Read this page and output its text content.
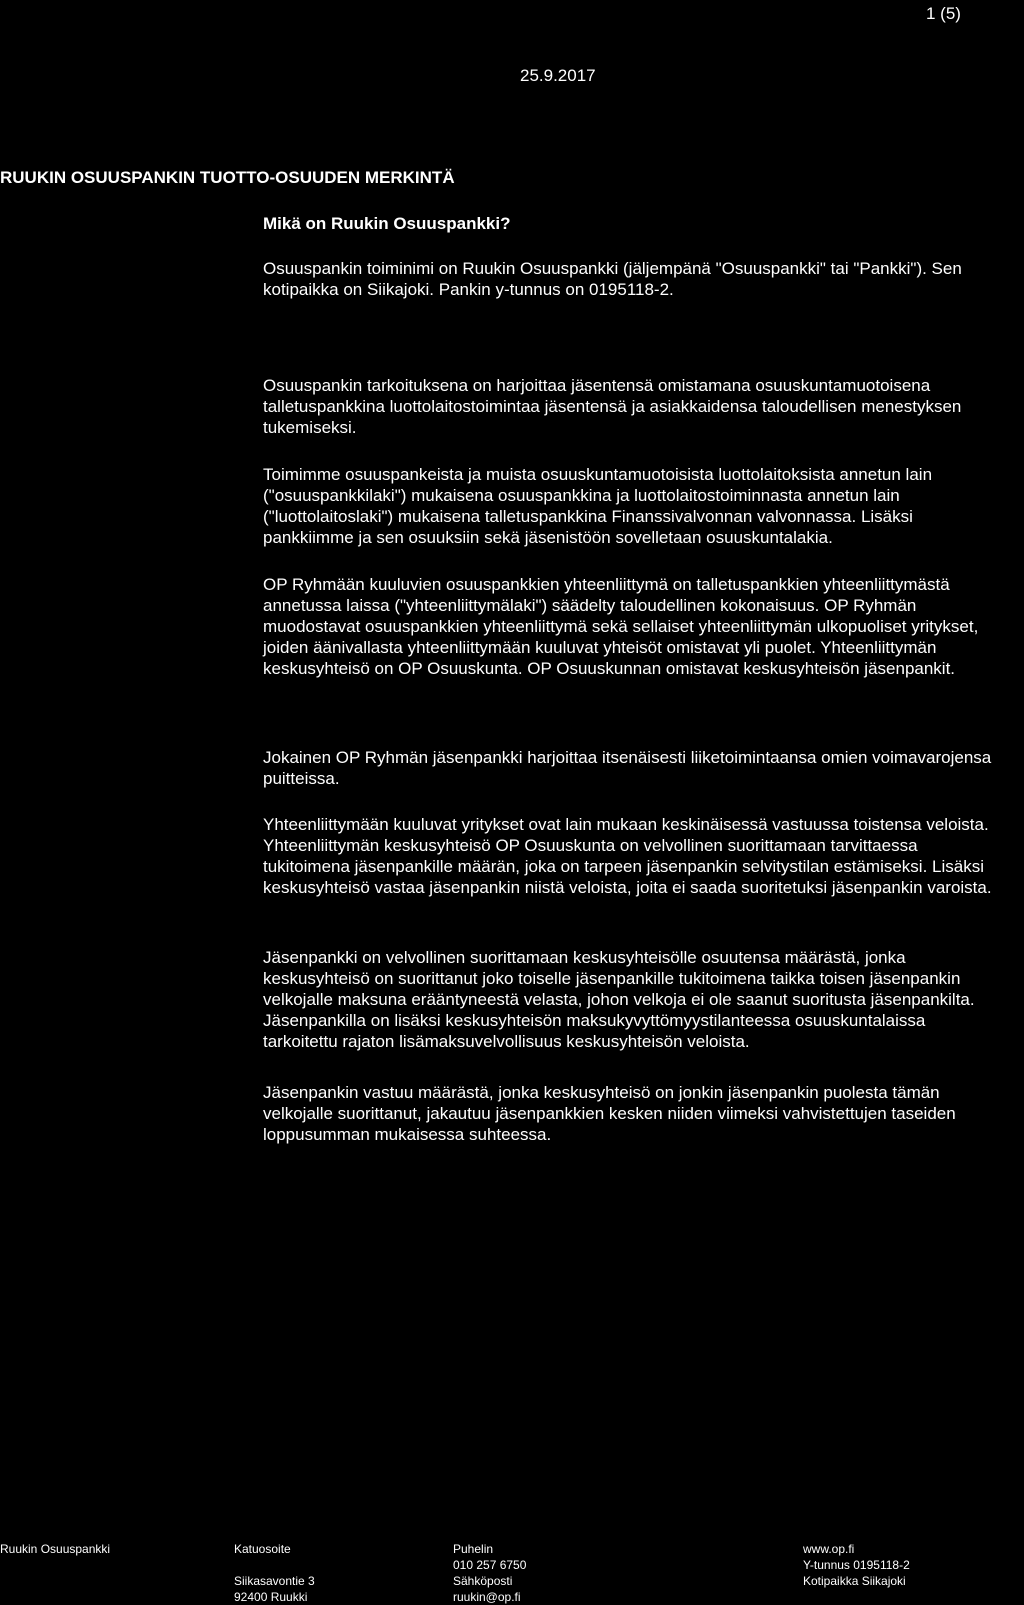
1 (5)
25.9.2017
RUUKIN OSUUSPANKIN TUOTTO-OSUUDEN MERKINTÄ
Mikä on Ruukin Osuuspankki?

Osuuspankin toiminimi on Ruukin Osuuspankki (jäljempänä "Osuuspankki" tai "Pankki"). Sen kotipaikka on Siikajoki. Pankin y-tunnus on 0195118-2.

Osuuspankin tarkoituksena on harjoittaa jäsentensä omistamana osuuskuntamuotoisena talletuspankkina luottolaitostoimintaa jäsentensä ja asiakkaidensa taloudellisen menestyksen tukemiseksi.

Toimimme osuuspankeista ja muista osuuskuntamuotoisista luottolaitoksista annetun lain ("osuuspankkilaki") mukaisena osuuspankkina ja luottolaitostoiminnasta annetun lain ("luottolaitoslaki") mukaisena talletuspankkina Finanssivalvonnan valvonnassa. Lisäksi pankkiimme ja sen osuuksiin sekä jäsenistöön sovelletaan osuuskuntalakia.

OP Ryhmään kuuluvien osuuspankkien yhteenliittymä on talletuspankkien yhteenliittymästä annetussa laissa ("yhteenliittymälaki") säädelty taloudellinen kokonaisuus. OP Ryhmän muodostavat osuuspankkien yhteenliittymä sekä sellaiset yhteenliittymän ulkopuoliset yritykset, joiden äänivallasta yhteenliittymään kuuluvat yhteisöt omistavat yli puolet. Yhteenliittymän keskusyhteisö on OP Osuuskunta. OP Osuuskunnan omistavat keskusyhteisön jäsenpankit.

Jokainen OP Ryhmän jäsenpankki harjoittaa itsenäisesti liiketoimintaansa omien voimavarojensa puitteissa.

Yhteenliittymään kuuluvat yritykset ovat lain mukaan keskinäisessä vastuussa toistensa veloista. Yhteenliittymän keskusyhteisö OP Osuuskunta on velvollinen suorittamaan tarvittaessa tukitoimena jäsenpankille määrän, joka on tarpeen jäsenpankin selvitystilan estämiseksi. Lisäksi keskusyhteisö vastaa jäsenpankin niistä veloista, joita ei saada suoritetuksi jäsenpankin varoista.

Jäsenpankki on velvollinen suorittamaan keskusyhteisölle osuutensa määrästä, jonka keskusyhteisö on suorittanut joko toiselle jäsenpankille tukitoimena taikka toisen jäsenpankin velkojalle maksuna erääntyneestä velasta, johon velkoja ei ole saanut suoritusta jäsenpankilta. Jäsenpankilla on lisäksi keskusyhteisön maksukyvyttömyystilanteessa osuuskuntalaissa tarkoitettu rajaton lisämaksuvelvollisuus keskusyhteisön veloista.

Jäsenpankin vastuu määrästä, jonka keskusyhteisö on jonkin jäsenpankin puolesta tämän velkojalle suorittanut, jakautuu jäsenpankkien kesken niiden viimeksi vahvistettujen taseiden loppusumman mukaisessa suhteessa.

Ruukin Osuuspankki	Katuosoite
Siikasavontie 3
92400 Ruukki
Puhelin
010 257 6750
Sähköposti
ruukin@op.fi
www.op.fi
Y-tunnus 0195118-2
Kotipaikka Siikajoki
